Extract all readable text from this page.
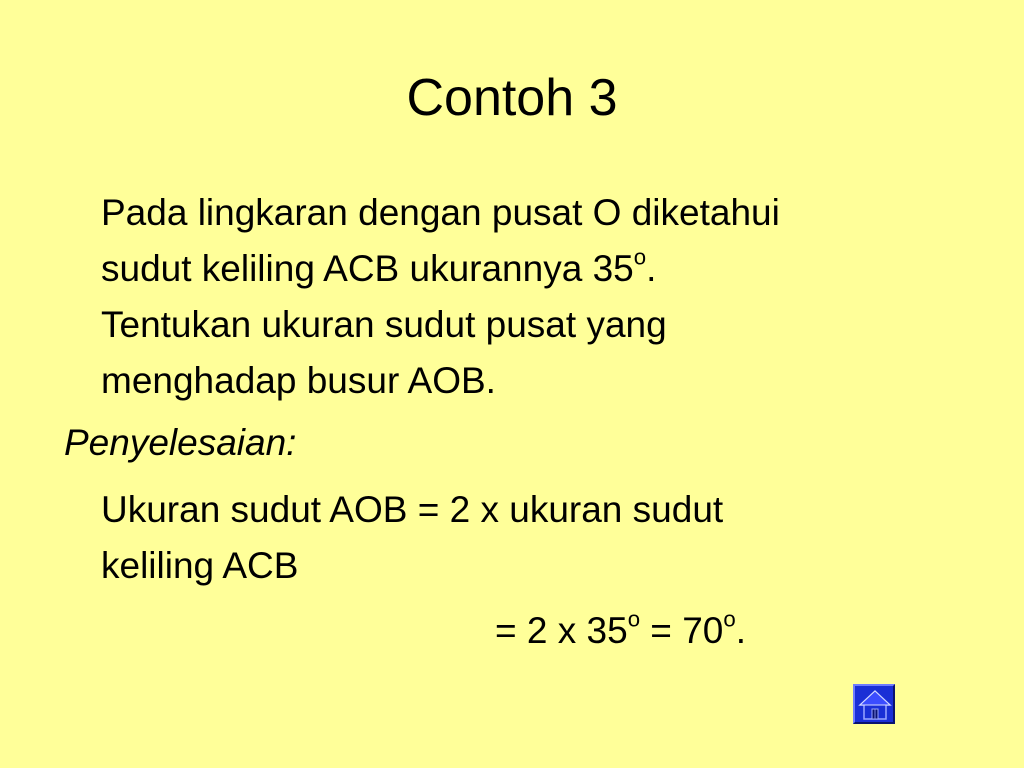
Contoh 3
Pada lingkaran dengan pusat O diketahui
sudut keliling ACB ukurannya 35$^o$.
Tentukan ukuran sudut pusat yang
menghadap busur AOB.
Penyelesaian:
Ukuran sudut AOB = 2 x ukuran sudut
keliling ACB
= 2 x $35^o = 70^o$.
